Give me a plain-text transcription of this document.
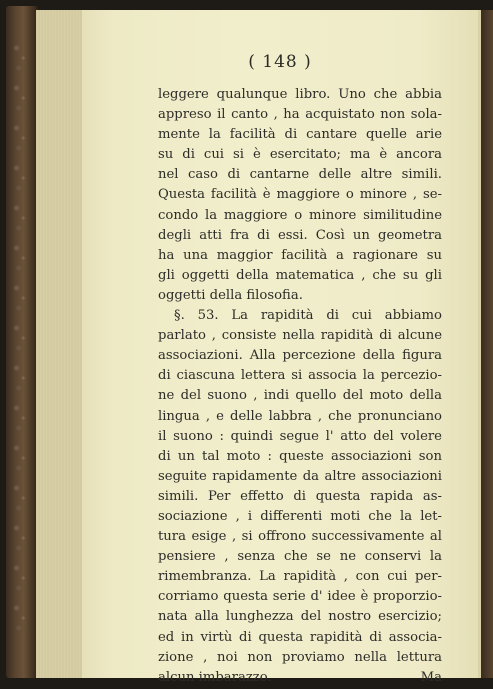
( 148 )
leggere qualunque libro. Uno che abbia
appreso il canto , ha acquistato non sola-
mente la facilità di cantare quelle arie
su di cui si è esercitato; ma è ancora
nel caso di cantarne delle altre simili.
Questa facilità è maggiore o minore , se-
condo la maggiore o minore similitudine
degli atti fra di essi. Così un geometra
ha una maggior facilità a ragionare su
gli oggetti della matematica , che su gli
oggetti della filosofia.
§. 53. La rapidità di cui abbiamo
parlato , consiste nella rapidità di alcune
associazioni. Alla percezione della figura
di ciascuna lettera si associa la percezio-
ne del suono , indi quello del moto della
lingua , e delle labbra , che pronunciano
il suono : quindi segue l' atto del volere
di un tal moto : queste associazioni son
seguite rapidamente da altre associazioni
simili. Per effetto di questa rapida as-
sociazione , i differenti moti che la let-
tura esige , si offrono successivamente al
pensiere , senza che se ne conservi la
rimembranza. La rapidità , con cui per-
corriamo questa serie d' idee è proporzio-
nata alla lunghezza del nostro esercizio;
ed in virtù di questa rapidità di associa-
zione , noi non proviamo nella lettura
alcun imbarazzo.	Ma
